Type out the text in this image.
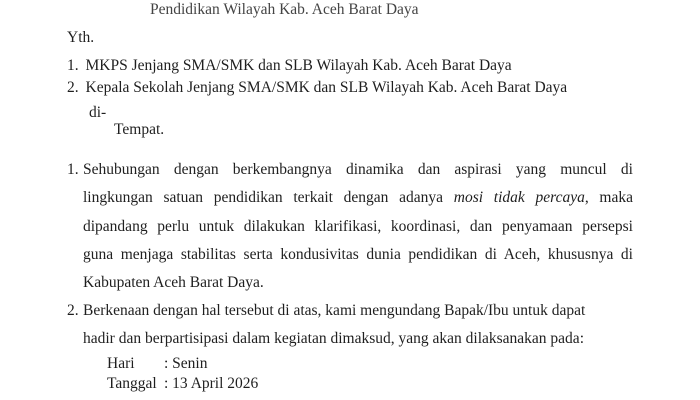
Pendidikan Wilayah Kab. Aceh Barat Daya
Yth.
1. MKPS Jenjang SMA/SMK dan SLB Wilayah Kab. Aceh Barat Daya
2. Kepala Sekolah Jenjang SMA/SMK dan SLB Wilayah Kab. Aceh Barat Daya
di-
Tempat.
1. Sehubungan dengan berkembangnya dinamika dan aspirasi yang muncul di
lingkungan satuan pendidikan terkait dengan adanya mosi tidak percaya, maka
dipandang perlu untuk dilakukan klarifikasi, koordinasi, dan penyamaan persepsi
guna menjaga stabilitas serta kondusivitas dunia pendidikan di Aceh, khususnya di
Kabupaten Aceh Barat Daya.
2. Berkenaan dengan hal tersebut di atas, kami mengundang Bapak/Ibu untuk dapat
hadir dan berpartisipasi dalam kegiatan dimaksud, yang akan dilaksanakan pada:
Hari : Senin
Tanggal : 13 April 2026
